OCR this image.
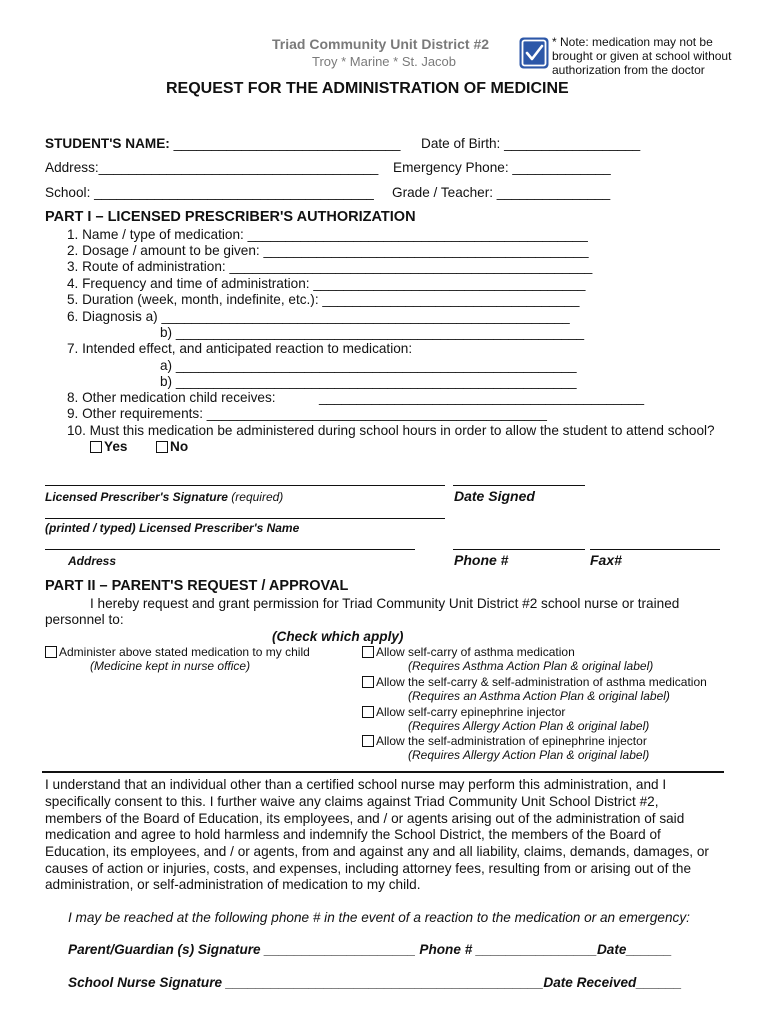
Triad Community Unit District #2
Troy * Marine * St. Jacob
* Note: medication may not be
brought or given at school without
authorization from the doctor
REQUEST FOR THE ADMINISTRATION OF MEDICINE
STUDENT'S NAME: ______________________________ Date of Birth: __________________
Address:_____________________________________ Emergency Phone: _____________
School: _____________________________________ Grade / Teacher: _______________
PART I – LICENSED PRESCRIBER'S AUTHORIZATION
1. Name / type of medication: _____________________________________________
2. Dosage / amount to be given: ___________________________________________
3. Route of administration: ________________________________________________
4. Frequency and time of administration: ____________________________________
5. Duration (week, month, indefinite, etc.): __________________________________
6. Diagnosis a) ______________________________________________________
b) ______________________________________________________
7. Intended effect, and anticipated reaction to medication:
a) _____________________________________________________
b) _____________________________________________________
8. Other medication child receives:	___________________________________________
9. Other requirements: _____________________________________________
10. Must this medication be administered during school hours in order to allow the student to attend school?
Yes	No
Licensed Prescriber's Signature (required)	Date Signed
(printed / typed) Licensed Prescriber's Name
Address	Phone #	Fax#
PART II – PARENT'S REQUEST / APPROVAL
I hereby request and grant permission for Triad Community Unit District #2 school nurse or trained
personnel to:
(Check which apply)
Administer above stated medication to my child
(Medicine kept in nurse office)
Allow self-carry of asthma medication
(Requires Asthma Action Plan & original label)
Allow the self-carry & self-administration of asthma medication
(Requires an Asthma Action Plan & original label)
Allow self-carry epinephrine injector
(Requires Allergy Action Plan & original label)
Allow the self-administration of epinephrine injector
(Requires Allergy Action Plan & original label)
I understand that an individual other than a certified school nurse may perform this administration, and I
specifically consent to this. I further waive any claims against Triad Community Unit School District #2,
members of the Board of Education, its employees, and / or agents arising out of the administration of said
medication and agree to hold harmless and indemnify the School District, the members of the Board of
Education, its employees, and / or agents, from and against any and all liability, claims, demands, damages, or
causes of action or injuries, costs, and expenses, including attorney fees, resulting from or arising out of the
administration, or self-administration of medication to my child.
I may be reached at the following phone # in the event of a reaction to the medication or an emergency:
Parent/Guardian (s) Signature ____________________ Phone # ________________Date______
School Nurse Signature __________________________________________Date Received______
